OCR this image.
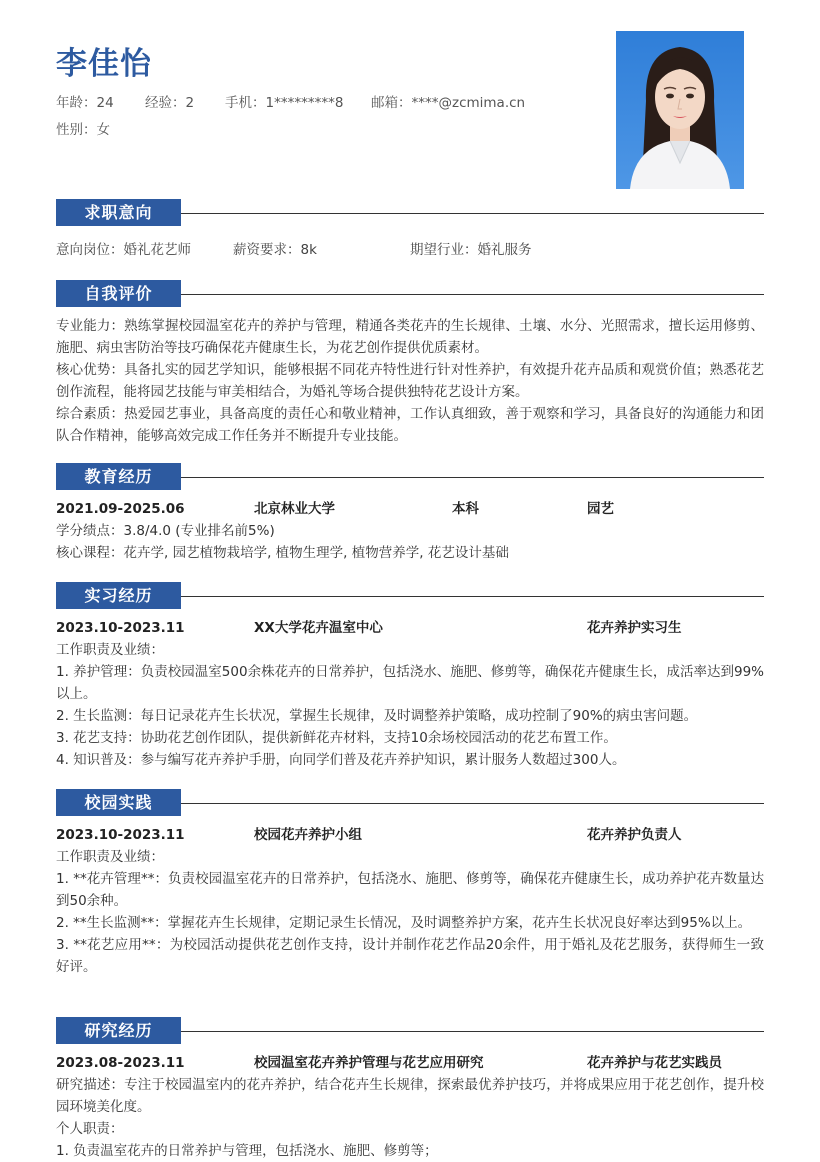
李佳怡
年龄：24 经验：2 手机：1*********8 邮箱：****@zcmima.cn
性别：女
求职意向
意向岗位：婚礼花艺师	薪资要求：8k	期望行业：婚礼服务
自我评价
专业能力：熟练掌握校园温室花卉的养护与管理，精通各类花卉的生长规律、土壤、水分、光照需求，擅长运用修剪、施肥、病虫害防治等技巧确保花卉健康生长，为花艺创作提供优质素材。
核心优势：具备扎实的园艺学知识，能够根据不同花卉特性进行针对性养护，有效提升花卉品质和观赏价值；熟悉花艺创作流程，能将园艺技能与审美相结合，为婚礼等场合提供独特花艺设计方案。
综合素质：热爱园艺事业，具备高度的责任心和敬业精神，工作认真细致，善于观察和学习，具备良好的沟通能力和团队合作精神，能够高效完成工作任务并不断提升专业技能。
教育经历
2021.09-2025.06	北京林业大学	本科	园艺
学分绩点：3.8/4.0 (专业排名前5%)
核心课程：花卉学, 园艺植物栽培学, 植物生理学, 植物营养学, 花艺设计基础
实习经历
2023.10-2023.11	XX大学花卉温室中心	花卉养护实习生
工作职责及业绩：
1. 养护管理：负责校园温室500余株花卉的日常养护，包括浇水、施肥、修剪等，确保花卉健康生长，成活率达到99%以上。
2. 生长监测：每日记录花卉生长状况，掌握生长规律，及时调整养护策略，成功控制了90%的病虫害问题。
3. 花艺支持：协助花艺创作团队，提供新鲜花卉材料，支持10余场校园活动的花艺布置工作。
4. 知识普及：参与编写花卉养护手册，向同学们普及花卉养护知识，累计服务人数超过300人。
校园实践
2023.10-2023.11	校园花卉养护小组	花卉养护负责人
工作职责及业绩：
1. **花卉管理**：负责校园温室花卉的日常养护，包括浇水、施肥、修剪等，确保花卉健康生长，成功养护花卉数量达到50余种。
2. **生长监测**：掌握花卉生长规律，定期记录生长情况，及时调整养护方案，花卉生长状况良好率达到95%以上。
3. **花艺应用**：为校园活动提供花艺创作支持，设计并制作花艺作品20余件，用于婚礼及花艺服务，获得师生一致好评。
研究经历
2023.08-2023.11	校园温室花卉养护管理与花艺应用研究	花卉养护与花艺实践员
研究描述：专注于校园温室内的花卉养护，结合花卉生长规律，探索最优养护技巧，并将成果应用于花艺创作，提升校园环境美化度。
个人职责：
1. 负责温室花卉的日常养护与管理，包括浇水、施肥、修剪等；
